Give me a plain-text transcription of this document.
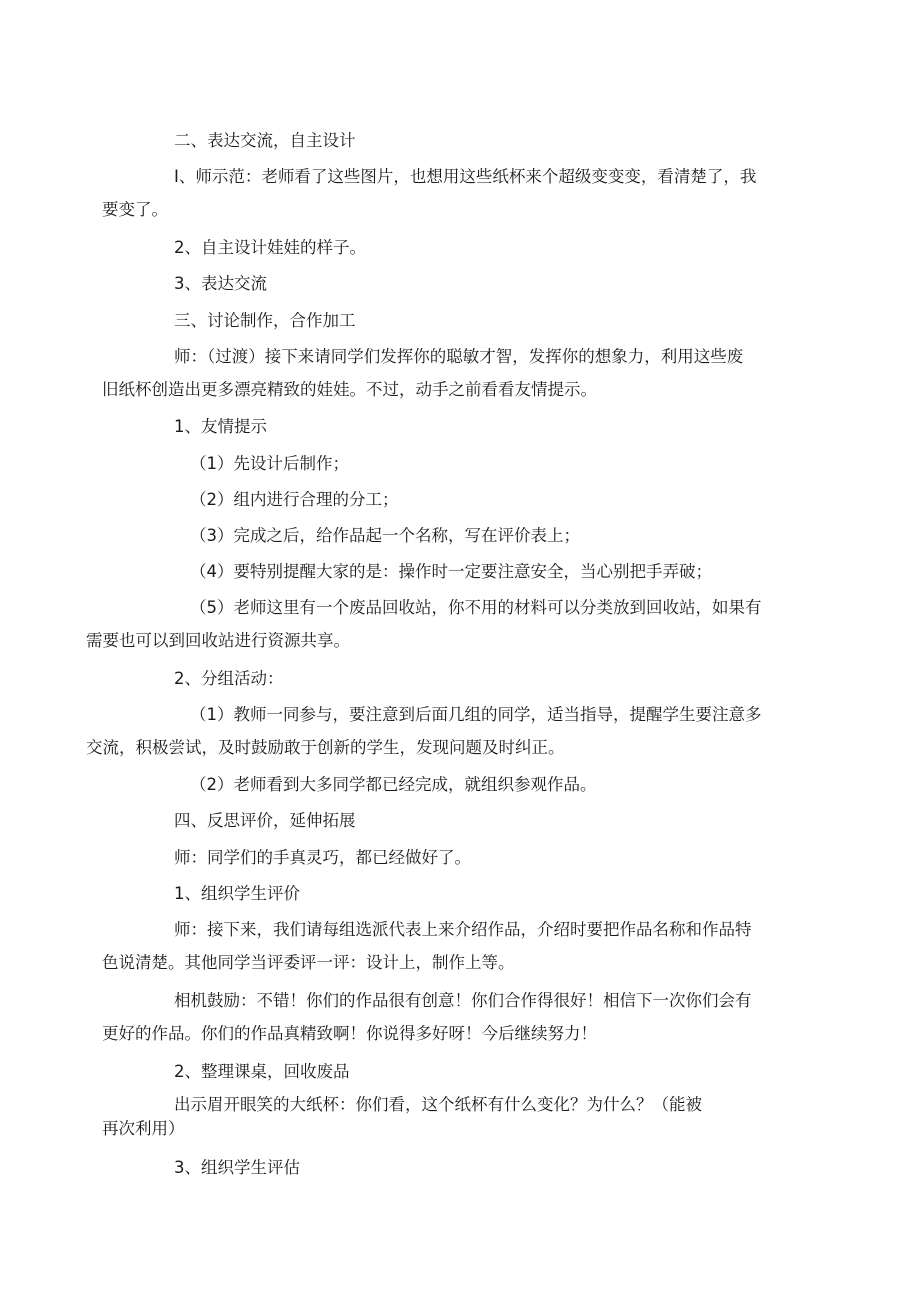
二、表达交流，自主设计

I、师示范：老师看了这些图片，也想用这些纸杯来个超级变变变，看清楚了，我
要变了。

2、自主设计娃娃的样子。

3、表达交流

三、讨论制作，合作加工

师：（过渡）接下来请同学们发挥你的聪敏才智，发挥你的想象力，利用这些废
旧纸杯创造出更多漂亮精致的娃娃。不过，动手之前看看友情提示。

1、友情提示

（1）先设计后制作；

（2）组内进行合理的分工；

（3）完成之后，给作品起一个名称，写在评价表上；

（4）要特别提醒大家的是：操作时一定要注意安全，当心别把手弄破；

（5）老师这里有一个废品回收站，你不用的材料可以分类放到回收站，如果有
需要也可以到回收站进行资源共享。

2、分组活动：

（1）教师一同参与，要注意到后面几组的同学，适当指导，提醒学生要注意多
交流，积极尝试，及时鼓励敢于创新的学生，发现问题及时纠正。

（2）老师看到大多同学都已经完成，就组织参观作品。

四、反思评价，延伸拓展

师：同学们的手真灵巧，都已经做好了。

1、组织学生评价

师：接下来，我们请每组选派代表上来介绍作品，介绍时要把作品名称和作品特
色说清楚。其他同学当评委评一评：设计上，制作上等。

相机鼓励：不错！你们的作品很有创意！你们合作得很好！相信下一次你们会有
更好的作品。你们的作品真精致啊！你说得多好呀！今后继续努力！

2、整理课桌，回收废品

出示眉开眼笑的大纸杯：你们看，这个纸杯有什么变化？为什么？（能被
再次利用）

3、组织学生评估
